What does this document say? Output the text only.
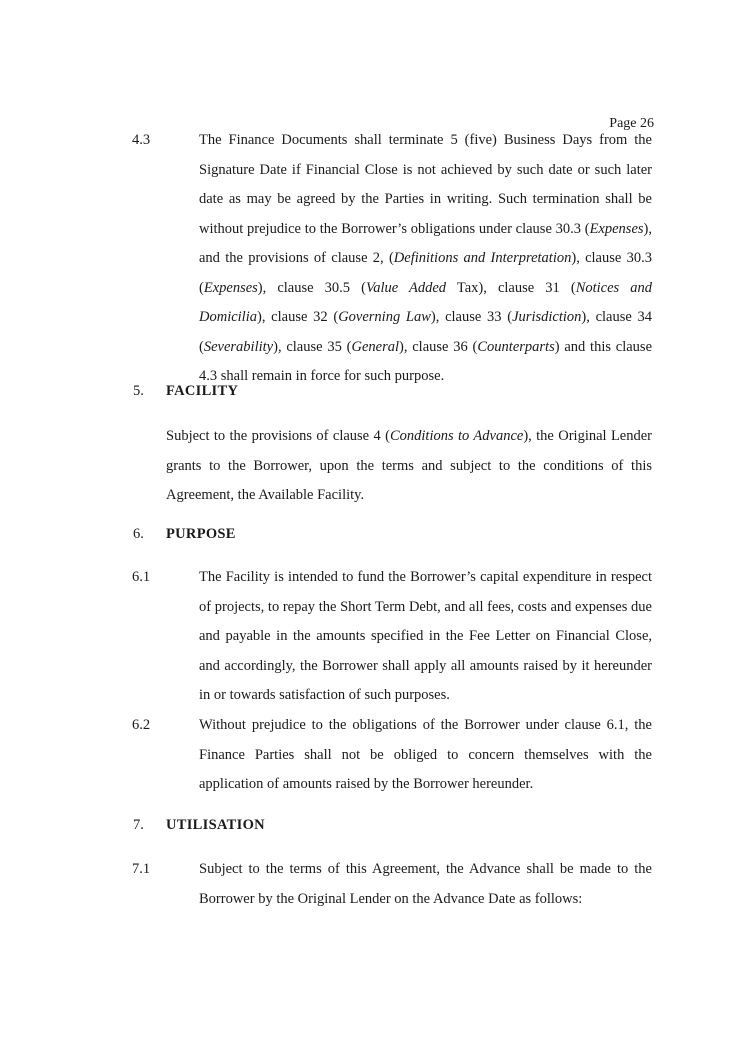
Page 26
4.3	The Finance Documents shall terminate 5 (five) Business Days from the Signature Date if Financial Close is not achieved by such date or such later date as may be agreed by the Parties in writing. Such termination shall be without prejudice to the Borrower’s obligations under clause 30.3 (Expenses), and the provisions of clause 2, (Definitions and Interpretation), clause 30.3 (Expenses), clause 30.5 (Value Added Tax), clause 31 (Notices and Domicilia), clause 32 (Governing Law), clause 33 (Jurisdiction), clause 34 (Severability), clause 35 (General), clause 36 (Counterparts) and this clause 4.3 shall remain in force for such purpose.
5. FACILITY
Subject to the provisions of clause 4 (Conditions to Advance), the Original Lender grants to the Borrower, upon the terms and subject to the conditions of this Agreement, the Available Facility.
6. PURPOSE
6.1	The Facility is intended to fund the Borrower’s capital expenditure in respect of projects, to repay the Short Term Debt, and all fees, costs and expenses due and payable in the amounts specified in the Fee Letter on Financial Close, and accordingly, the Borrower shall apply all amounts raised by it hereunder in or towards satisfaction of such purposes.
6.2	Without prejudice to the obligations of the Borrower under clause 6.1, the Finance Parties shall not be obliged to concern themselves with the application of amounts raised by the Borrower hereunder.
7. UTILISATION
7.1	Subject to the terms of this Agreement, the Advance shall be made to the Borrower by the Original Lender on the Advance Date as follows:
